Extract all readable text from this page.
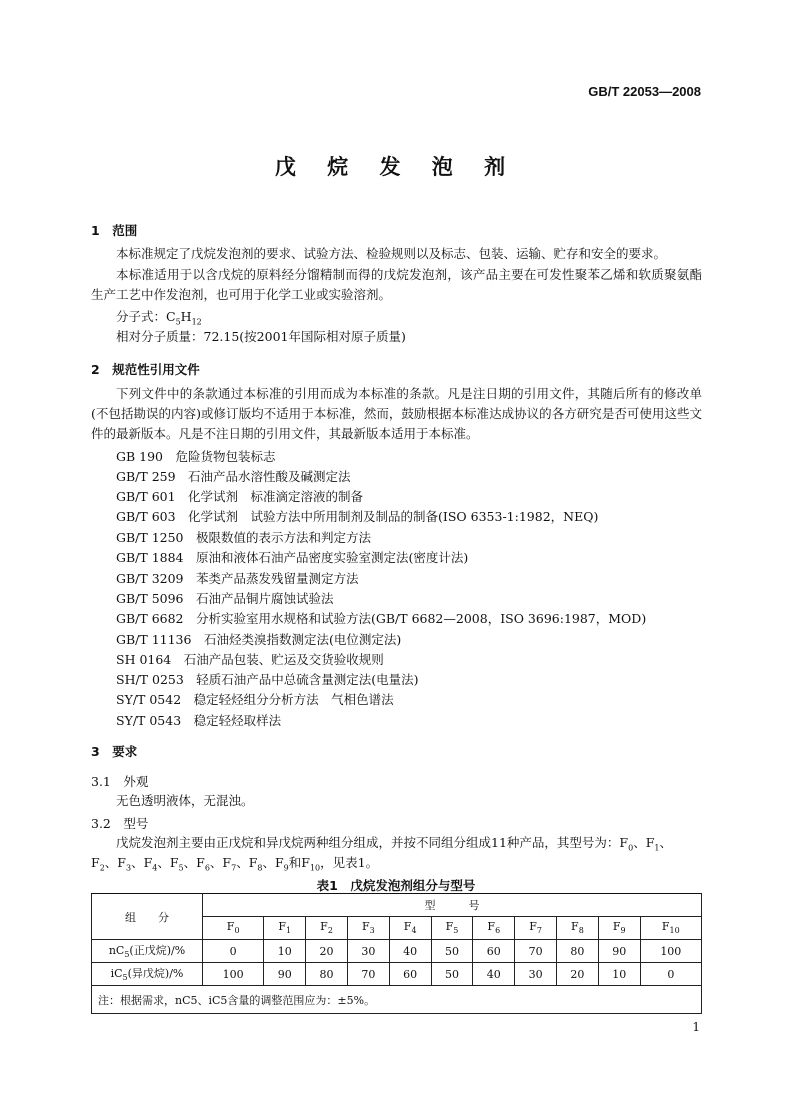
GB/T 22053—2008
戊 烷 发 泡 剂
1　范围
本标准规定了戊烷发泡剂的要求、试验方法、检验规则以及标志、包装、运输、贮存和安全的要求。
本标准适用于以含戊烷的原料经分馏精制而得的戊烷发泡剂，该产品主要在可发性聚苯乙烯和软质聚氨酯生产工艺中作发泡剂，也可用于化学工业或实验溶剂。
分子式：$C_5H_{12}$
相对分子质量：72.15(按2001年国际相对原子质量)
2　规范性引用文件
下列文件中的条款通过本标准的引用而成为本标准的条款。凡是注日期的引用文件，其随后所有的修改单(不包括勘误的内容)或修订版均不适用于本标准，然而，鼓励根据本标准达成协议的各方研究是否可使用这些文件的最新版本。凡是不注日期的引用文件，其最新版本适用于本标准。
GB 190　危险货物包装标志
GB/T 259　石油产品水溶性酸及碱测定法
GB/T 601　化学试剂　标准滴定溶液的制备
GB/T 603　化学试剂　试验方法中所用制剂及制品的制备(ISO 6353-1:1982，NEQ)
GB/T 1250　极限数值的表示方法和判定方法
GB/T 1884　原油和液体石油产品密度实验室测定法(密度计法)
GB/T 3209　苯类产品蒸发残留量测定方法
GB/T 5096　石油产品铜片腐蚀试验法
GB/T 6682　分析实验室用水规格和试验方法(GB/T 6682—2008，ISO 3696:1987，MOD)
GB/T 11136　石油烃类溴指数测定法(电位测定法)
SH 0164　石油产品包装、贮运及交货验收规则
SH/T 0253　轻质石油产品中总硫含量测定法(电量法)
SY/T 0542　稳定轻烃组分分析方法　气相色谱法
SY/T 0543　稳定轻烃取样法
3　要求
3.1　外观
无色透明液体，无混浊。
3.2　型号
戊烷发泡剂主要由正戊烷和异戊烷两种组分组成，并按不同组分组成11种产品，其型号为：$F_0$、$F_1$、
$F_2$、$F_3$、$F_4$、$F_5$、$F_6$、$F_7$、$F_8$、$F_9$和$F_{10}$，见表1。
表1　戊烷发泡剂组分与型号
组　　分	型　　　号										
	$F_0$	$F_1$	$F_2$	$F_3$	$F_4$	$F_5$	$F_6$	$F_7$	$F_8$	$F_9$	$F_{10}$
$nC_5$(正戊烷)/%	0	10	20	30	40	50	60	70	80	90	100
$iC_5$(异戊烷)/%	100	90	80	70	60	50	40	30	20	10	0
注：根据需求，nC5、iC5含量的调整范围应为：±5%。											
1
